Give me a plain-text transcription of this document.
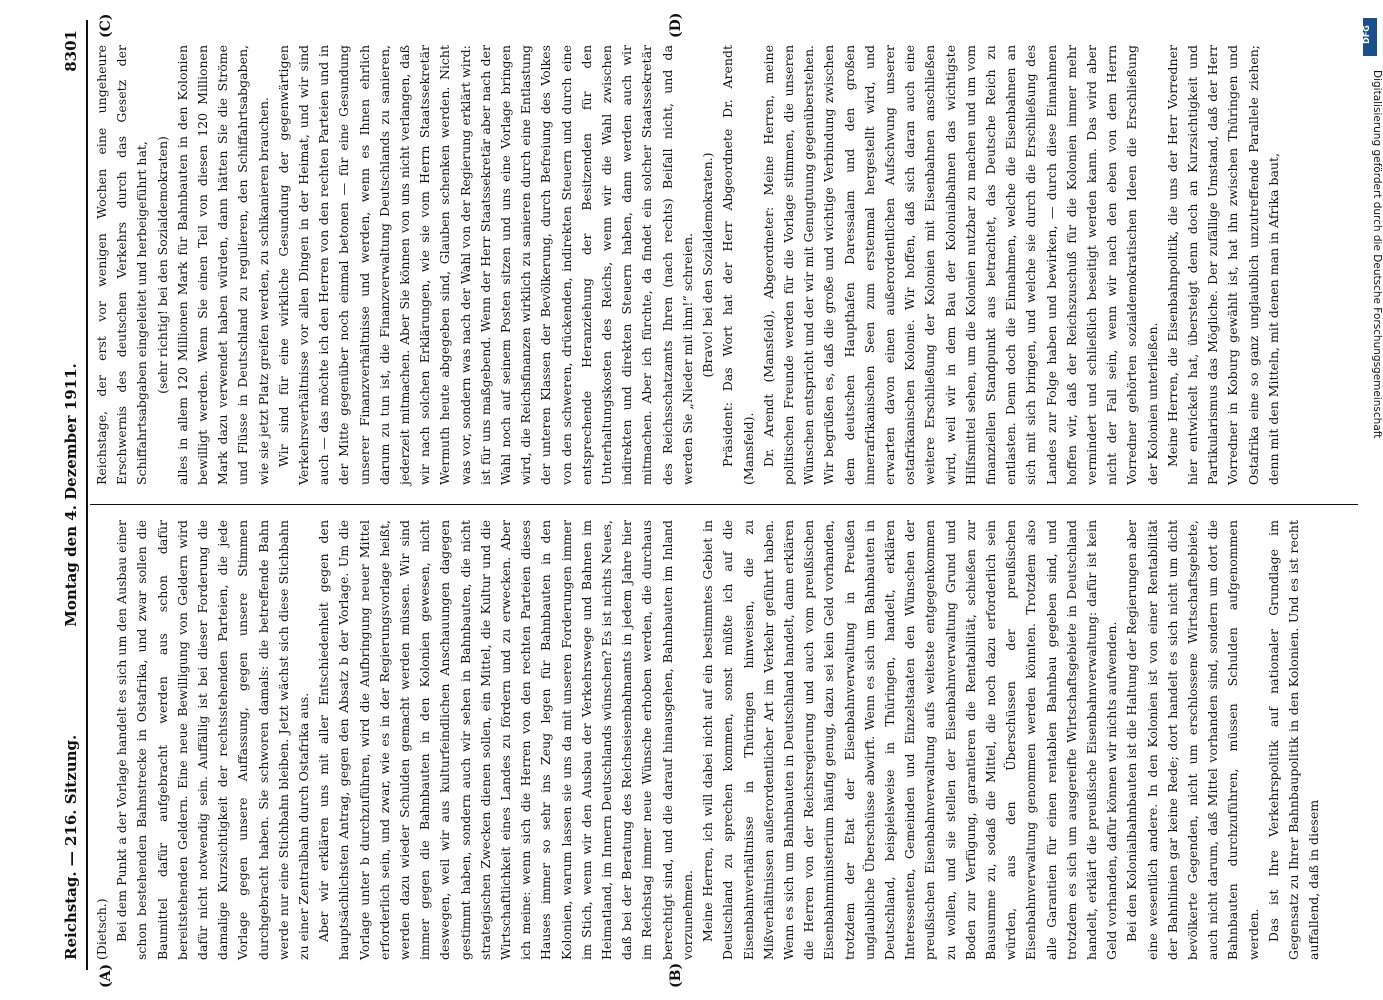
Reichstag. — 216. Sitzung.
Montag den 4. Dezember 1911.
8301
(A)	(B)
(C)	(D)

(Dietsch.) Bei dem Punkt a der Vorlage handelt es sich um den Ausbau einer schon bestehenden Bahnstrecke in Ostafrika, und zwar sollen die Baumittel dafür aufgebracht werden aus schon dafür bereitstehenden Geldern. Eine neue Bewilligung von Geldern wird dafür nicht notwendig sein. Auffällig ist bei dieser Forderung die damalige Kurzsichtigkeit der rechtsstehenden Parteien, die jede Vorlage gegen unsere Auffassung, gegen unsere Stimmen durchgebracht haben. Sie schworen damals: die betreffende Bahn werde nur eine Stichbahn bleiben. Jetzt wächst sich diese Stichbahn zu einer Zentralbahn durch Ostafrika aus. Aber wir erklären uns mit aller Entschiedenheit gegen den hauptsächlichsten Antrag, gegen den Absatz b der Vorlage. Um die Vorlage unter b durchzuführen, wird die Aufbringung neuer Mittel erforderlich sein, und zwar, wie es in der Regierungsvorlage heißt, werden dazu wieder Schulden gemacht werden müssen. Wir sind immer gegen die Bahnbauten in den Kolonien gewesen, nicht deswegen, weil wir aus kulturfeindlichen Anschauungen dagegen gestimmt haben, sondern auch wir sehen in Bahnbauten, die nicht strategischen Zwecken dienen sollen, ein Mittel, die Kultur und die Wirtschaftlichkeit eines Landes zu fördern und zu erwecken. Aber ich meine: wenn sich die Herren von den rechten Parteien dieses Hauses immer so sehr ins Zeug legen für Bahnbauten in den Kolonien, warum lassen sie uns da mit unseren Forderungen immer im Stich, wenn wir den Ausbau der Verkehrswege und Bahnen im Heimatland, im Innern Deutschlands wünschen? Es ist nichts Neues, daß bei der Beratung des Reichseisenbahnamts in jedem Jahre hier im Reichstag immer neue Wünsche erhoben werden, die durchaus berechtigt sind, und die darauf hinausgehen, Bahnbauten im Inland vorzunehmen. Meine Herren, ich will dabei nicht auf ein bestimmtes Gebiet in Deutschland zu sprechen kommen, sonst müßte ich auf die Eisenbahnverhältnisse in Thüringen hinweisen, die zu Mißverhältnissen außerordentlicher Art im Verkehr geführt haben. Wenn es sich um Bahnbauten in Deutschland handelt, dann erklären die Herren von der Reichsregierung und auch vom preußischen Eisenbahnministerium häufig genug, dazu sei kein Geld vorhanden, trotzdem der Etat der Eisenbahnverwaltung in Preußen unglaubliche Überschüsse abwirft. Wenn es sich um Bahnbauten in Deutschland, beispielsweise in Thüringen, handelt, erklären Interessenten, Gemeinden und Einzelstaaten den Wünschen der preußischen Eisenbahnverwaltung aufs weiteste entgegenkommen zu wollen, und sie stellen der Eisenbahnverwaltung Grund und Boden zur Verfügung, garantieren die Rentabilität, schießen zur Bausumme zu, sodaß die Mittel, die noch dazu erforderlich sein würden, aus den Überschüssen der preußischen Eisenbahnverwaltung genommen werden könnten. Trotzdem also alle Garantien für einen rentablen Bahnbau gegeben sind, und trotzdem es sich um ausgereifte Wirtschaftsgebiete in Deutschland handelt, erklärt die preußische Eisenbahnverwaltung: dafür ist kein Geld vorhanden, dafür können wir nichts aufwenden. Bei den Kolonialbahnbauten ist die Haltung der Regierungen aber eine wesentlich andere. In den Kolonien ist von einer Rentabilität der Bahnlinien gar keine Rede; dort handelt es sich nicht um dicht bevölkerte Gegenden, nicht um erschlossene Wirtschaftsgebiete, auch nicht darum, daß Mittel vorhanden sind, sondern um dort die Bahnbauten durchzuführen, müssen Schulden aufgenommen werden. Das ist Ihre Verkehrspolitik auf nationaler Grundlage im Gegensatz zu Ihrer Bahnbaupolitik in den Kolonien. Und es ist recht auffallend, daß in diesem

Reichstage, der erst vor wenigen Wochen eine ungeheure Erschwernis des deutschen Verkehrs durch das Gesetz der Schiffahrtsabgaben eingeleitet und herbeigeführt hat, (sehr richtig! bei den Sozialdemokraten) alles in allem 120 Millionen Mark für Bahnbauten in den Kolonien bewilligt werden. Wenn Sie einen Teil von diesen 120 Millionen Mark dazu verwendet haben würden, dann hätten Sie die Ströme und Flüsse in Deutschland zu regulieren, den Schiffahrtsabgaben, wie sie jetzt Platz greifen werden, zu schikanieren brauchen. Wir sind für eine wirkliche Gesundung der gegenwärtigen Verkehrsverhältnisse vor allen Dingen in der Heimat, und wir sind auch — das möchte ich den Herren von den rechten Parteien und in der Mitte gegenüber noch einmal betonen — für eine Gesundung unserer Finanzverhältnisse und werden, wenn es Ihnen ehrlich darum zu tun ist, die Finanzverwaltung Deutschlands zu sanieren, jederzeit mitmachen. Aber Sie können von uns nicht verlangen, daß wir nach solchen Erklärungen, wie sie vom Herrn Staatssekretär Wermuth heute abgegeben sind, Glauben schenken werden. Nicht was vor, sondern was nach der Wahl von der Regierung erklärt wird: ist für uns maßgebend. Wenn der Herr Staatssekretär aber nach der Wahl noch auf seinem Posten sitzen und uns eine Vorlage bringen wird, die Reichsfinanzen wirklich zu sanieren durch eine Entlastung der unteren Klassen der Bevölkerung, durch Befreiung des Volkes von den schweren, drückenden, indirekten Steuern und durch eine entsprechende Heranziehung der Besitzenden für den Unterhaltungskosten des Reichs, wenn wir die Wahl zwischen indirekten und direkten Steuern haben, dann werden auch wir mitmachen. Aber ich fürchte, da findet ein solcher Staatssekretär des Reichsschatzamts Ihren (nach rechts) Beifall nicht, und da werden Sie „Nieder mit ihm!“ schreien. (Bravo! bei den Sozialdemokraten.) Präsident: Das Wort hat der Herr Abgeordnete Dr. Arendt (Mansfeld). Dr. Arendt (Mansfeld), Abgeordneter: Meine Herren, meine politischen Freunde werden für die Vorlage stimmen, die unseren Wünschen entspricht und der wir mit Genugtuung gegenüberstehen. Wir begrüßen es, daß die große und wichtige Verbindung zwischen dem deutschen Haupthafen Daressalam und den großen innerafrikanischen Seen zum erstenmal hergestellt wird, und erwarten davon einen außerordentlichen Aufschwung unserer ostafrikanischen Kolonie. Wir hoffen, daß sich daran auch eine weitere Erschließung der Kolonien mit Eisenbahnen anschließen wird, weil wir in dem Bau der Kolonialbahnen das wichtigste Hilfsmittel sehen, um die Kolonien nutzbar zu machen und um vom finanziellen Standpunkt aus betrachtet, das Deutsche Reich zu entlasten. Denn doch die Einnahmen, welche die Eisenbahnen an sich mit sich bringen, und welche sie durch die Erschließung des Landes zur Folge haben und bewirken, — durch diese Einnahmen hoffen wir, daß der Reichszuschuß für die Kolonien immer mehr vermindert und schließlich beseitigt werden kann. Das wird aber nicht der Fall sein, wenn wir nach den eben von dem Herrn Vorredner gehörten sozialdemokratischen Ideen die Erschließung der Kolonien unterließen. Meine Herren, die Eisenbahnpolitik, die uns der Herr Vorredner hier entwickelt hat, übersteigt denn doch an Kurzsichtigkeit und Partikularismus das Mögliche. Der zufällige Umstand, daß der Herr Vorredner in Koburg gewählt ist, hat ihn zwischen Thüringen und Ostafrika eine so ganz unglaublich unzutreffende Parallele ziehen; denn mit den Mitteln, mit denen man in Afrika baut,

DFG
Digitalisierung gefördert durch die Deutsche Forschungsgemeinschaft
